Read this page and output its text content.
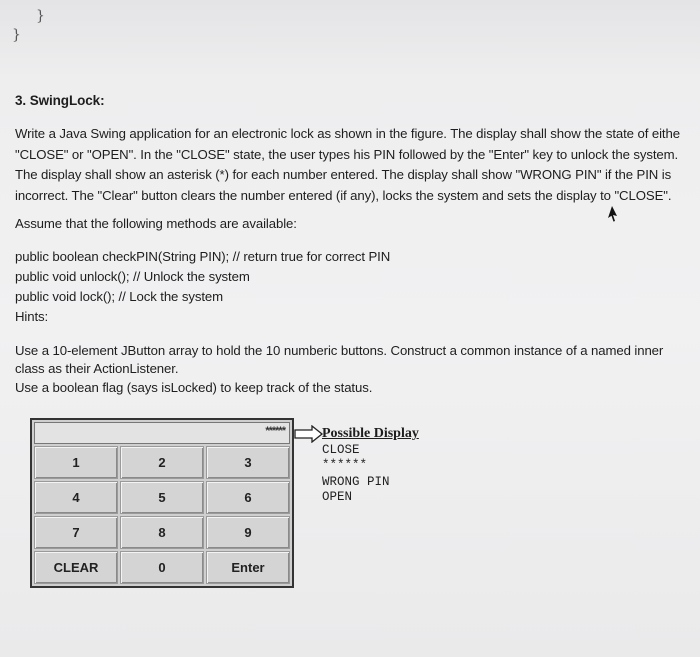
}
}
3. SwingLock:
Write a Java Swing application for an electronic lock as shown in the figure. The display shall show the state of eithe
"CLOSE" or "OPEN". In the "CLOSE" state, the user types his PIN followed by the "Enter" key to unlock the system.
The display shall show an asterisk (*) for each number entered. The display shall show "WRONG PIN" if the PIN is
incorrect. The "Clear" button clears the number entered (if any), locks the system and sets the display to "CLOSE".
Assume that the following methods are available:
public boolean checkPIN(String PIN); // return true for correct PIN
public void unlock(); // Unlock the system
public void lock(); // Lock the system
Hints:
Use a 10-element JButton array to hold the 10 numberic buttons. Construct a common instance of a named inner
class as their ActionListener.
Use a boolean flag (says isLocked) to keep track of the status.
******
1	2	3
4	5	6
7	8	9
CLEAR	0	Enter
Possible Display
CLOSE
******
WRONG PIN
OPEN
